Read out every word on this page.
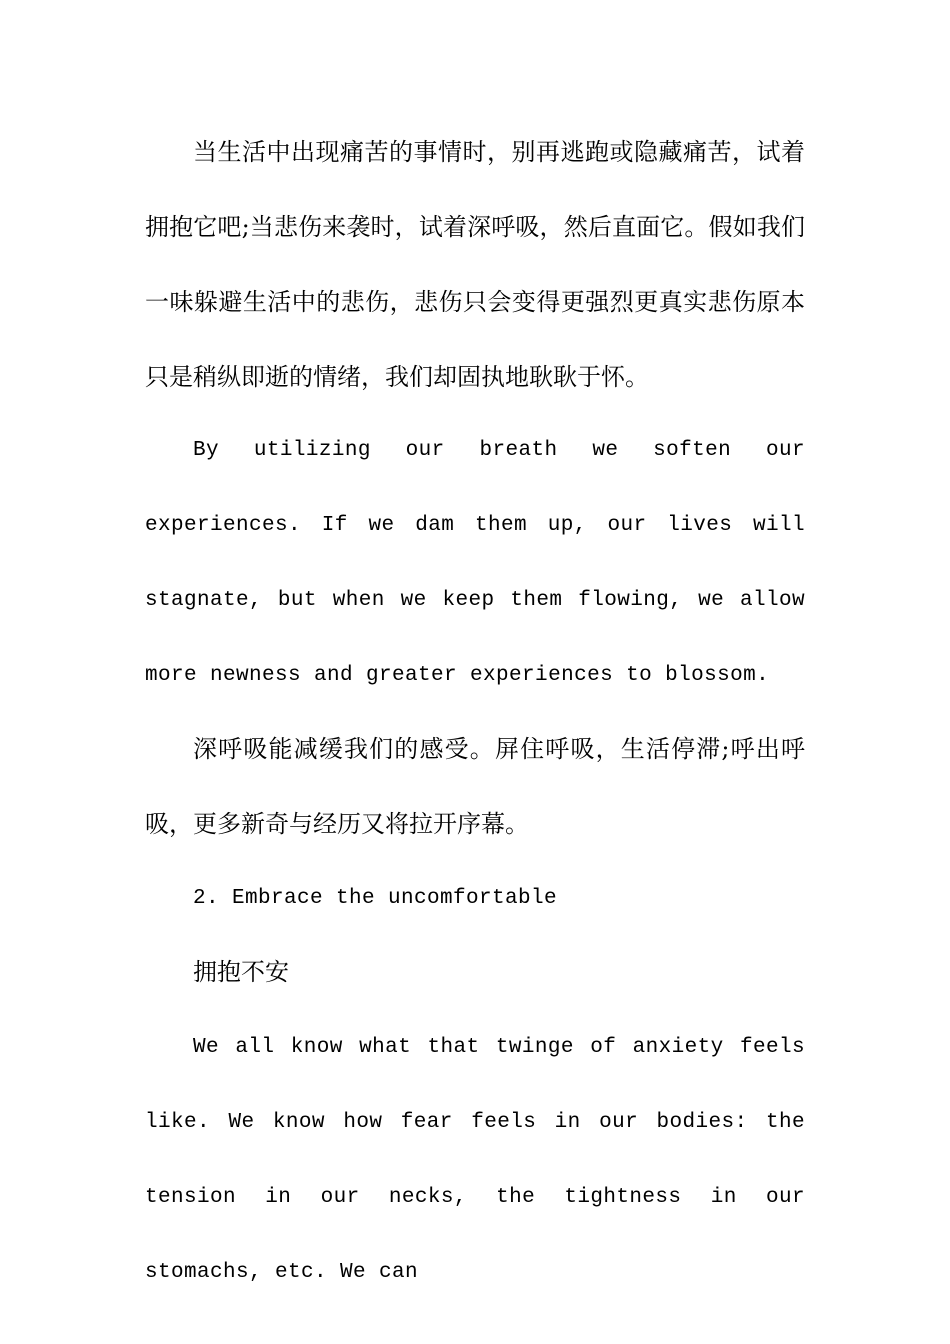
当生活中出现痛苦的事情时，别再逃跑或隐藏痛苦，试着拥抱它吧;当悲伤来袭时，试着深呼吸，然后直面它。假如我们一味躲避生活中的悲伤，悲伤只会变得更强烈更真实悲伤原本只是稍纵即逝的情绪，我们却固执地耿耿于怀。

By utilizing our breath we soften our experiences. If we dam them up, our lives will stagnate, but when we keep them flowing, we allow more newness and greater experiences to blossom.

深呼吸能减缓我们的感受。屏住呼吸，生活停滞;呼出呼吸，更多新奇与经历又将拉开序幕。

2. Embrace the uncomfortable

拥抱不安

We all know what that twinge of anxiety feels like. We know how fear feels in our bodies: the tension in our necks, the tightness in our stomachs, etc. We can
